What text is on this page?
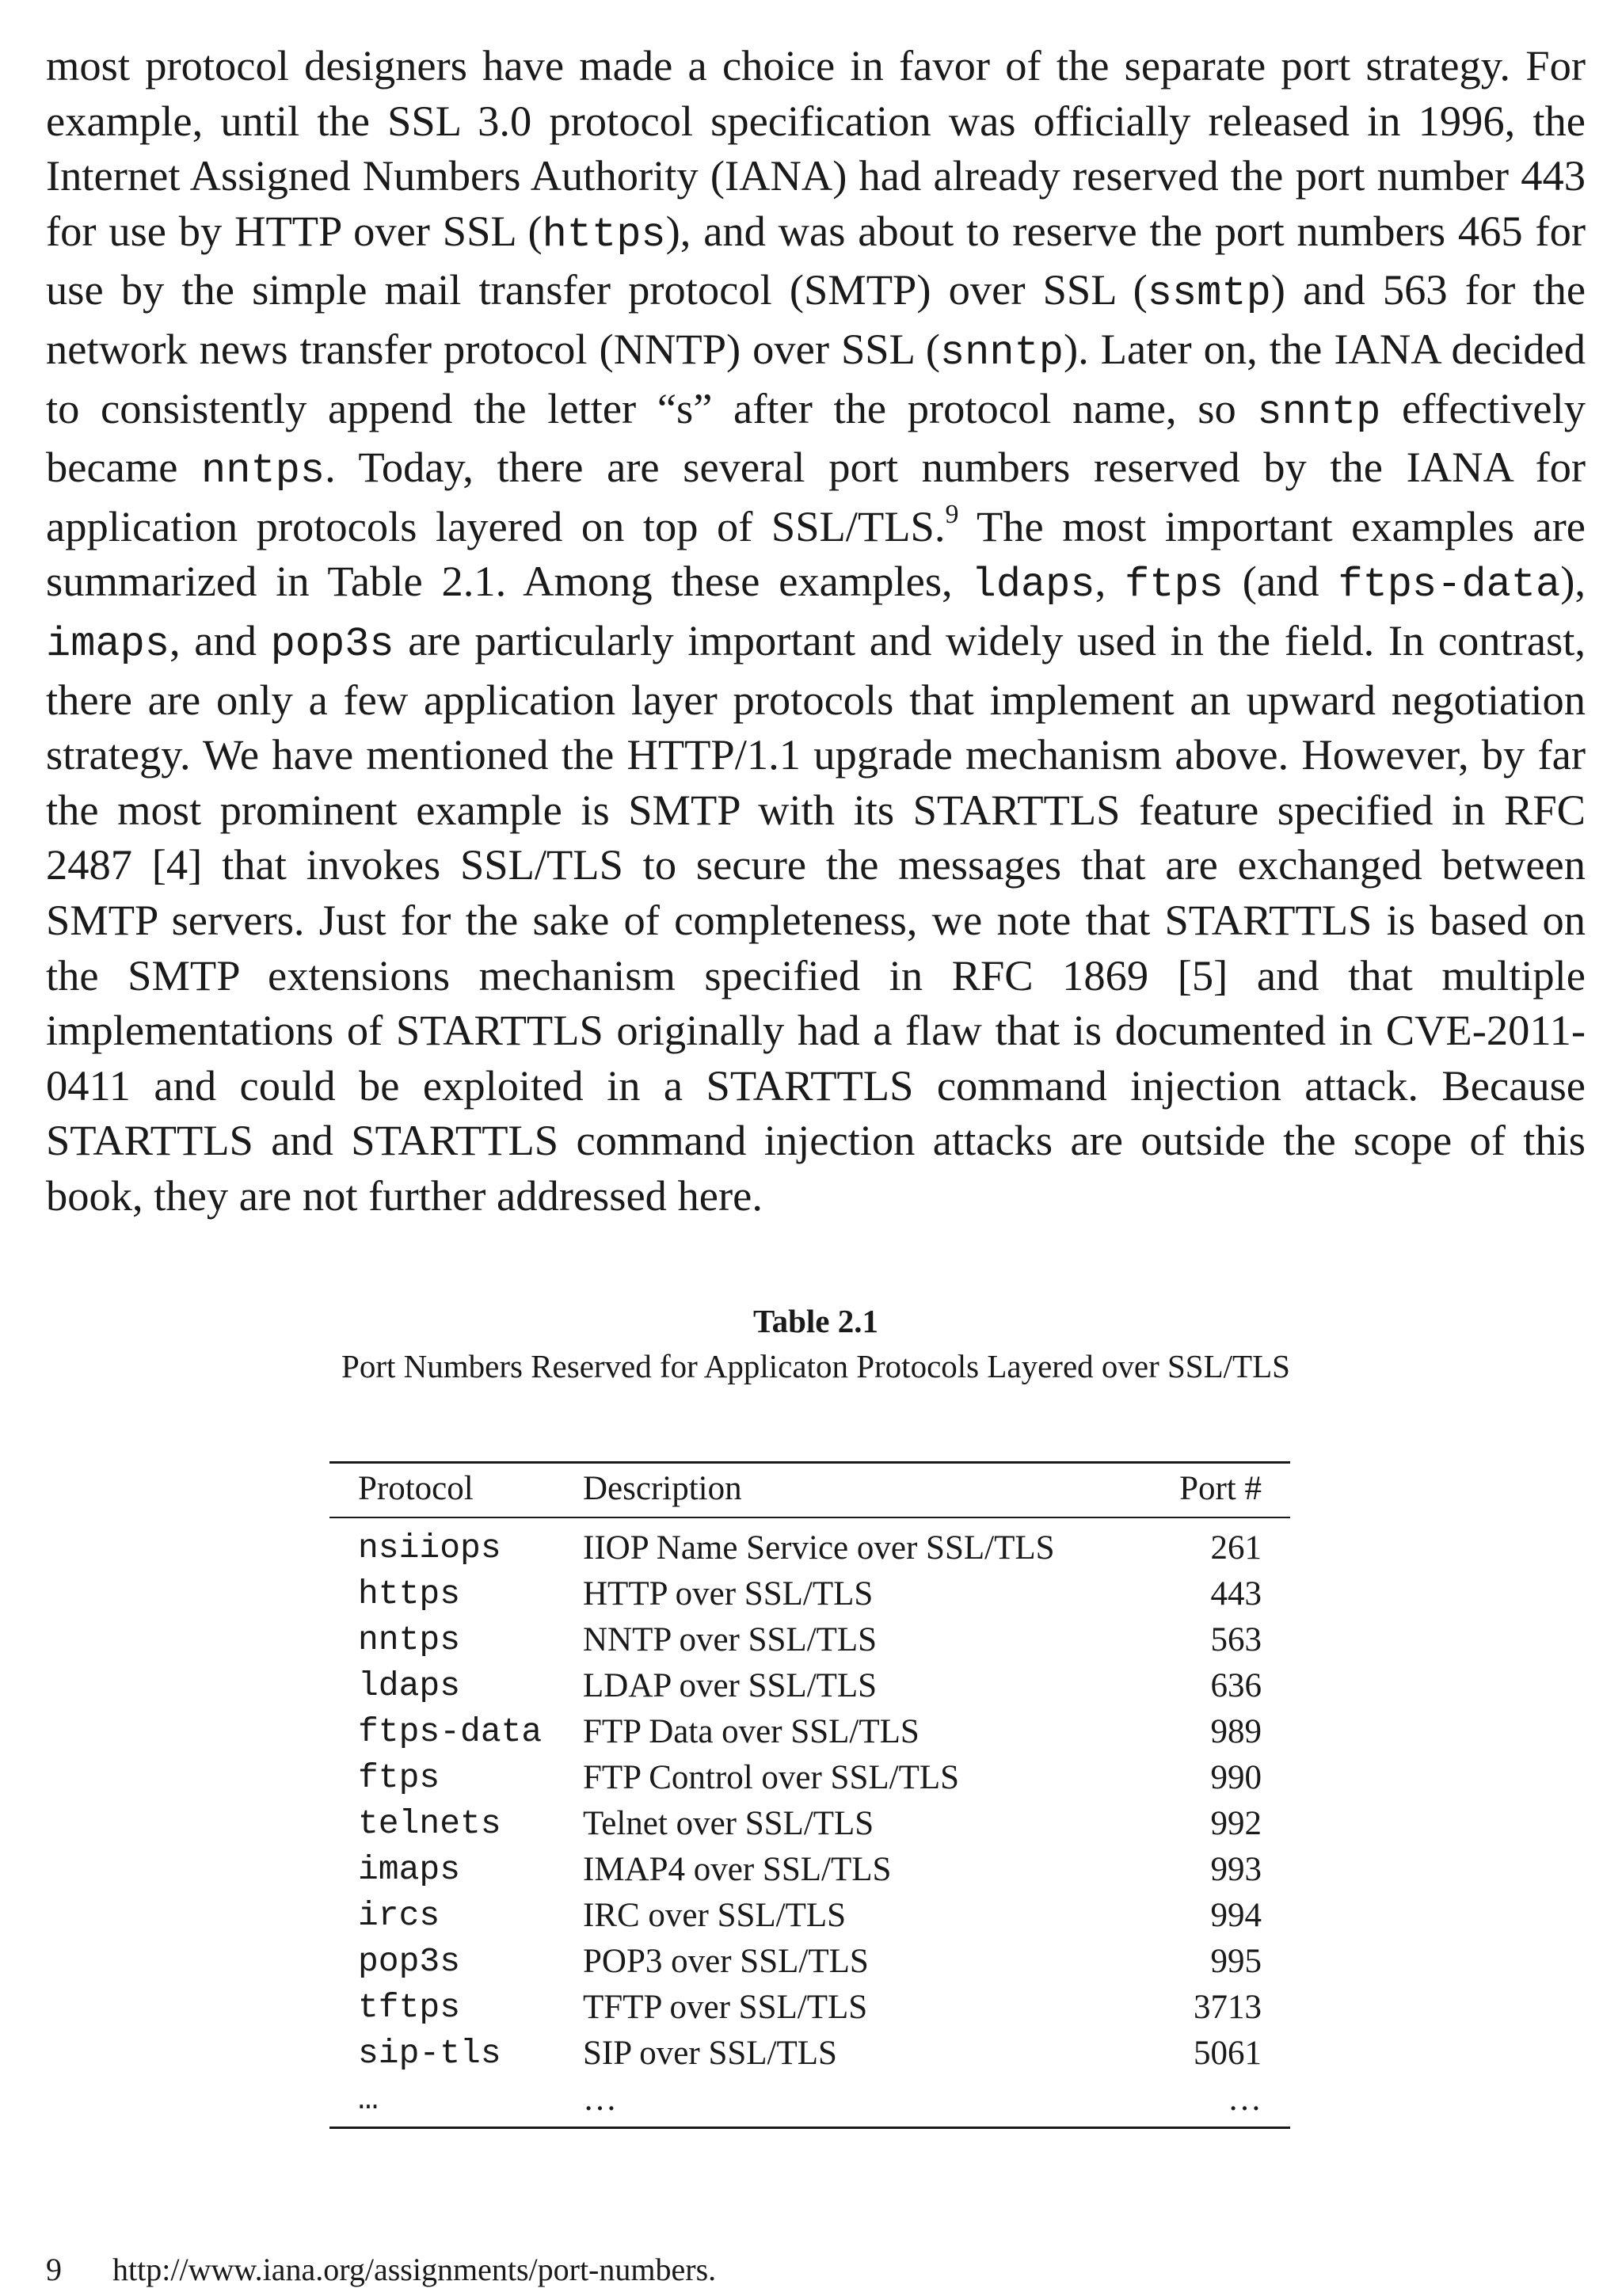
most protocol designers have made a choice in favor of the separate port strategy. For example, until the SSL 3.0 protocol specification was officially released in 1996, the Internet Assigned Numbers Authority (IANA) had already reserved the port number 443 for use by HTTP over SSL (https), and was about to reserve the port numbers 465 for use by the simple mail transfer protocol (SMTP) over SSL (ssmtp) and 563 for the network news transfer protocol (NNTP) over SSL (snntp). Later on, the IANA decided to consistently append the letter “s” after the protocol name, so snntp effectively became nntps. Today, there are several port numbers reserved by the IANA for application protocols layered on top of SSL/TLS.$^9$ The most important examples are summarized in Table 2.1. Among these examples, ldaps, ftps (and ftps-data), imaps, and pop3s are particularly important and widely used in the field. In contrast, there are only a few application layer protocols that implement an upward negotiation strategy. We have mentioned the HTTP/1.1 upgrade mechanism above. However, by far the most prominent example is SMTP with its STARTTLS feature specified in RFC 2487 [4] that invokes SSL/TLS to secure the messages that are exchanged between SMTP servers. Just for the sake of completeness, we note that STARTTLS is based on the SMTP extensions mechanism specified in RFC 1869 [5] and that multiple implementations of STARTTLS originally had a flaw that is documented in CVE-2011-0411 and could be exploited in a STARTTLS command injection attack. Because STARTTLS and STARTTLS command injection attacks are outside the scope of this book, they are not further addressed here.

Table 2.1
Port Numbers Reserved for Applicaton Protocols Layered over SSL/TLS
Protocol	Description	Port #
nsiiops	IIOP Name Service over SSL/TLS	261
https	HTTP over SSL/TLS	443
nntps	NNTP over SSL/TLS	563
ldaps	LDAP over SSL/TLS	636
ftps-data	FTP Data over SSL/TLS	989
ftps	FTP Control over SSL/TLS	990
telnets	Telnet over SSL/TLS	992
imaps	IMAP4 over SSL/TLS	993
ircs	IRC over SSL/TLS	994
pop3s	POP3 over SSL/TLS	995
tftps	TFTP over SSL/TLS	3713
sip-tls	SIP over SSL/TLS	5061
…	…	…
9 http://www.iana.org/assignments/port-numbers.
